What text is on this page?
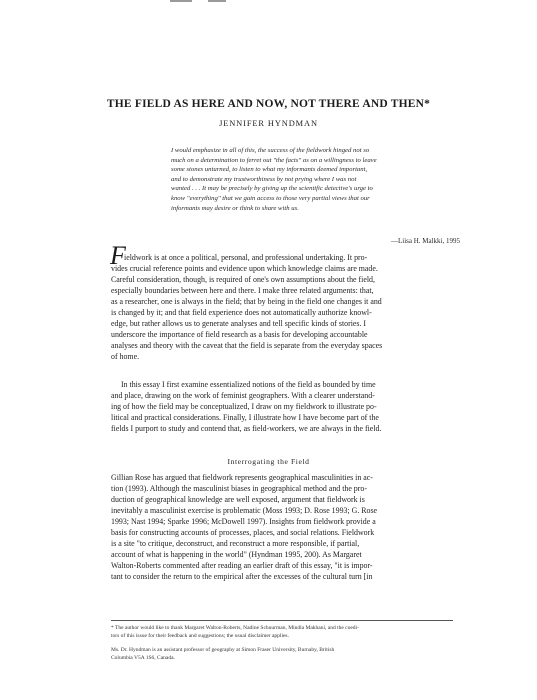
THE FIELD AS HERE AND NOW, NOT THERE AND THEN*
JENNIFER HYNDMAN
I would emphasize in all of this, the success of the fieldwork hinged not so
much on a determination to ferret out "the facts" as on a willingness to leave
some stones unturned, to listen to what my informants deemed important,
and to demonstrate my trustworthiness by not prying where I was not
wanted . . . It may be precisely by giving up the scientific detective's urge to
know "everything" that we gain access to those very partial views that our
informants may desire or think to share with us.
—Liisa H. Malkki, 1995
F
ieldwork is at once a political, personal, and professional undertaking. It pro-
vides crucial reference points and evidence upon which knowledge claims are made.
Careful consideration, though, is required of one's own assumptions about the field,
especially boundaries between here and there. I make three related arguments: that,
as a researcher, one is always in the field; that by being in the field one changes it and
is changed by it; and that field experience does not automatically authorize knowl-
edge, but rather allows us to generate analyses and tell specific kinds of stories. I
underscore the importance of field research as a basis for developing accountable
analyses and theory with the caveat that the field is separate from the everyday spaces
of home.
In this essay I first examine essentialized notions of the field as bounded by time
and place, drawing on the work of feminist geographers. With a clearer understand-
ing of how the field may be conceptualized, I draw on my fieldwork to illustrate po-
litical and practical considerations. Finally, I illustrate how I have become part of the
fields I purport to study and contend that, as field-workers, we are always in the field.
Interrogating the Field
Gillian Rose has argued that fieldwork represents geographical masculinities in ac-
tion (1993). Although the masculinist biases in geographical method and the pro-
duction of geographical knowledge are well exposed, argument that fieldwork is
inevitably a masculinist exercise is problematic (Moss 1993; D. Rose 1993; G. Rose
1993; Nast 1994; Sparke 1996; McDowell 1997). Insights from fieldwork provide a
basis for constructing accounts of processes, places, and social relations. Fieldwork
is a site "to critique, deconstruct, and reconstruct a more responsible, if partial,
account of what is happening in the world" (Hyndman 1995, 200). As Margaret
Walton-Roberts commented after reading an earlier draft of this essay, "it is impor-
tant to consider the return to the empirical after the excesses of the cultural turn [in
* The author would like to thank Margaret Walton-Roberts, Nadine Schuurman, Mindla Makhani, and the coedi-
tors of this issue for their feedback and suggestions; the usual disclaimer applies.
Ms. Dr. Hyndman is an assistant professor of geography at Simon Fraser University, Burnaby, British
Columbia V5A 1S6, Canada.
